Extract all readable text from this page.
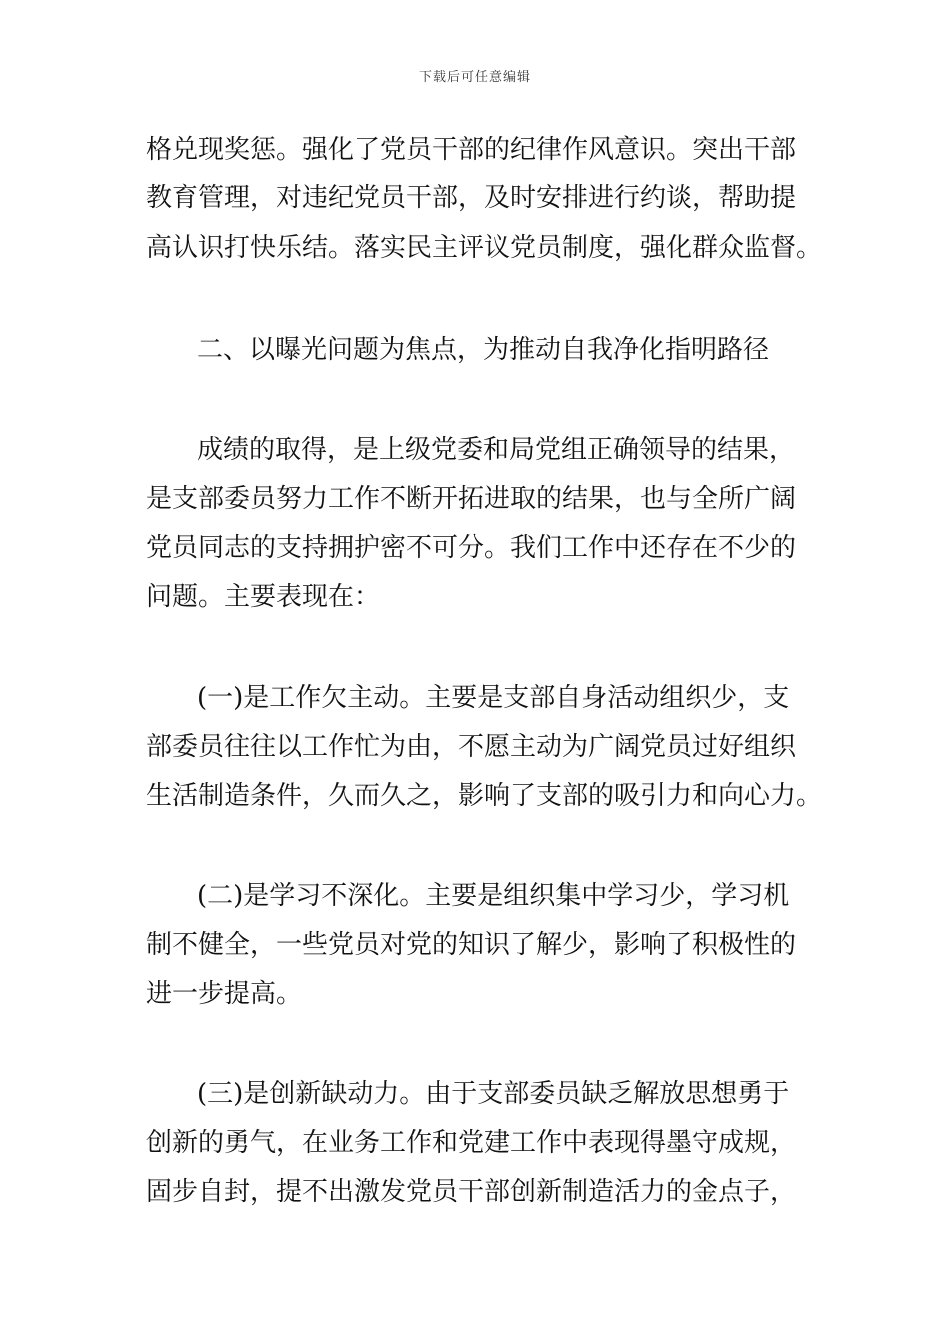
下载后可任意编辑
格兑现奖惩。强化了党员干部的纪律作风意识。突出干部
教育管理，对违纪党员干部，及时安排进行约谈，帮助提
高认识打快乐结。落实民主评议党员制度，强化群众监督。
二、以曝光问题为焦点，为推动自我净化指明路径
成绩的取得，是上级党委和局党组正确领导的结果，
是支部委员努力工作不断开拓进取的结果，也与全所广阔
党员同志的支持拥护密不可分。我们工作中还存在不少的
问题。主要表现在：
(一)是工作欠主动。主要是支部自身活动组织少，支
部委员往往以工作忙为由，不愿主动为广阔党员过好组织
生活制造条件，久而久之，影响了支部的吸引力和向心力。
(二)是学习不深化。主要是组织集中学习少，学习机
制不健全，一些党员对党的知识了解少，影响了积极性的
进一步提高。
(三)是创新缺动力。由于支部委员缺乏解放思想勇于
创新的勇气，在业务工作和党建工作中表现得墨守成规，
固步自封，提不出激发党员干部创新制造活力的金点子，
